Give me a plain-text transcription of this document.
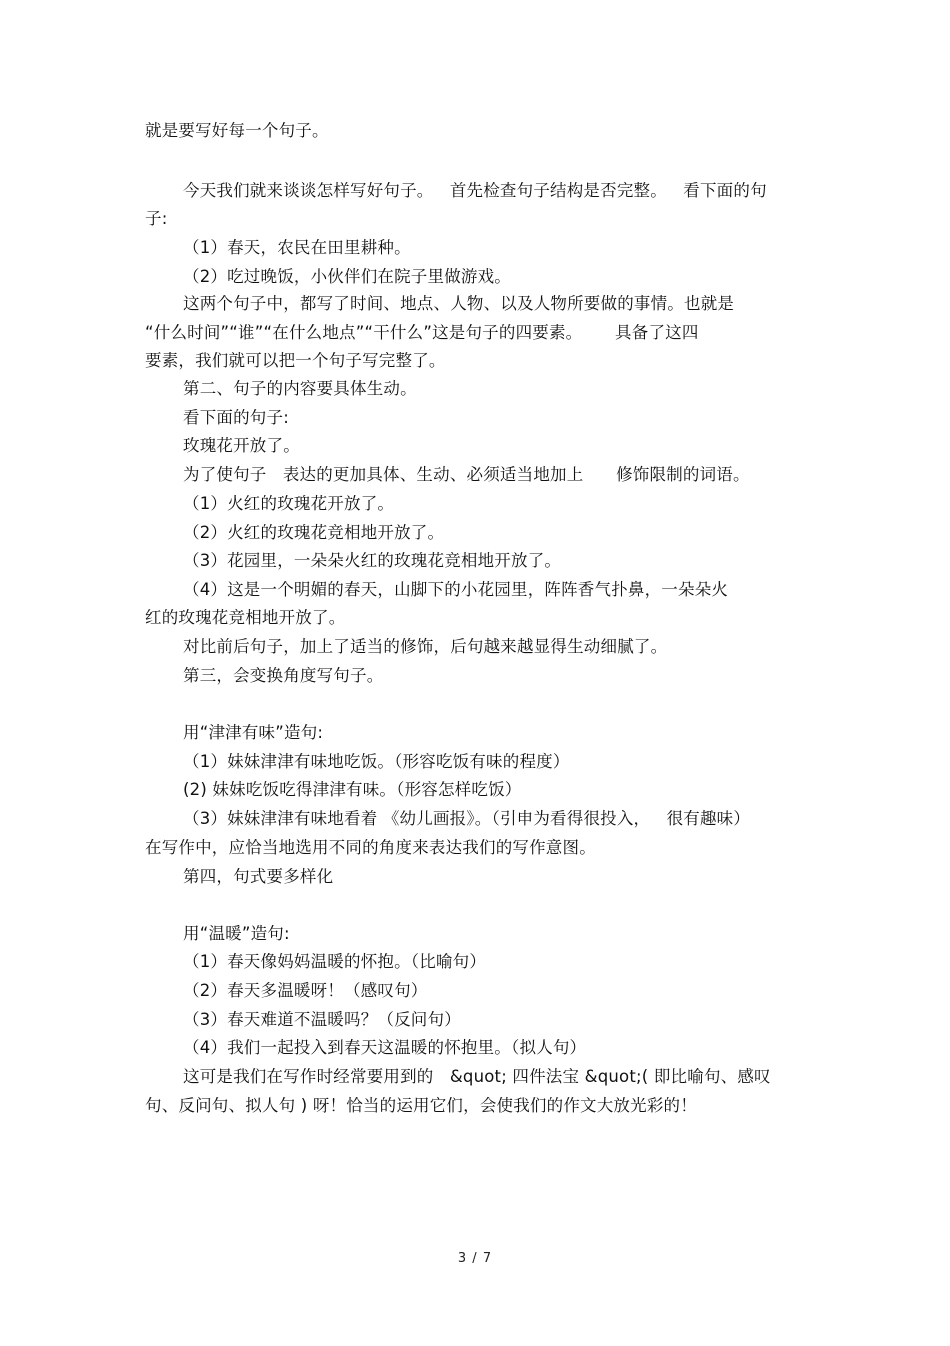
就是要写好每一个句子。
今天我们就来谈谈怎样写好句子。   首先检查句子结构是否完整。   看下面的句
子:
（1）春天，农民在田里耕种。
（2）吃过晚饭，小伙伴们在院子里做游戏。
这两个句子中，都写了时间、地点、人物、以及人物所要做的事情。也就是
“什么时间”“谁”“在什么地点”“干什么”这是句子的四要素。      具备了这四
要素，我们就可以把一个句子写完整了。
第二、句子的内容要具体生动。
看下面的句子:
玫瑰花开放了。
为了使句子   表达的更加具体、生动、必须适当地加上      修饰限制的词语。
（1）火红的玫瑰花开放了。
（2）火红的玫瑰花竞相地开放了。
（3）花园里，一朵朵火红的玫瑰花竞相地开放了。
（4）这是一个明媚的春天，山脚下的小花园里，阵阵香气扑鼻，一朵朵火
红的玫瑰花竞相地开放了。
对比前后句子，加上了适当的修饰，后句越来越显得生动细腻了。
第三，会变换角度写句子。
用“津津有味”造句:
（1）妹妹津津有味地吃饭。（形容吃饭有味的程度）
(2) 妹妹吃饭吃得津津有味。（形容怎样吃饭）
（3）妹妹津津有味地看着 《幼儿画报》。（引申为看得很投入，   很有趣味）
在写作中，应恰当地选用不同的角度来表达我们的写作意图。
第四，句式要多样化
用“温暖”造句:
（1）春天像妈妈温暖的怀抱。（比喻句）
（2）春天多温暖呀！（感叹句）
（3）春天难道不温暖吗？（反问句）
（4）我们一起投入到春天这温暖的怀抱里。（拟人句）
这可是我们在写作时经常要用到的   &quot; 四件法宝 &quot;( 即比喻句、感叹
句、反问句、拟人句 ) 呀！恰当的运用它们，会使我们的作文大放光彩的！
3 / 7
